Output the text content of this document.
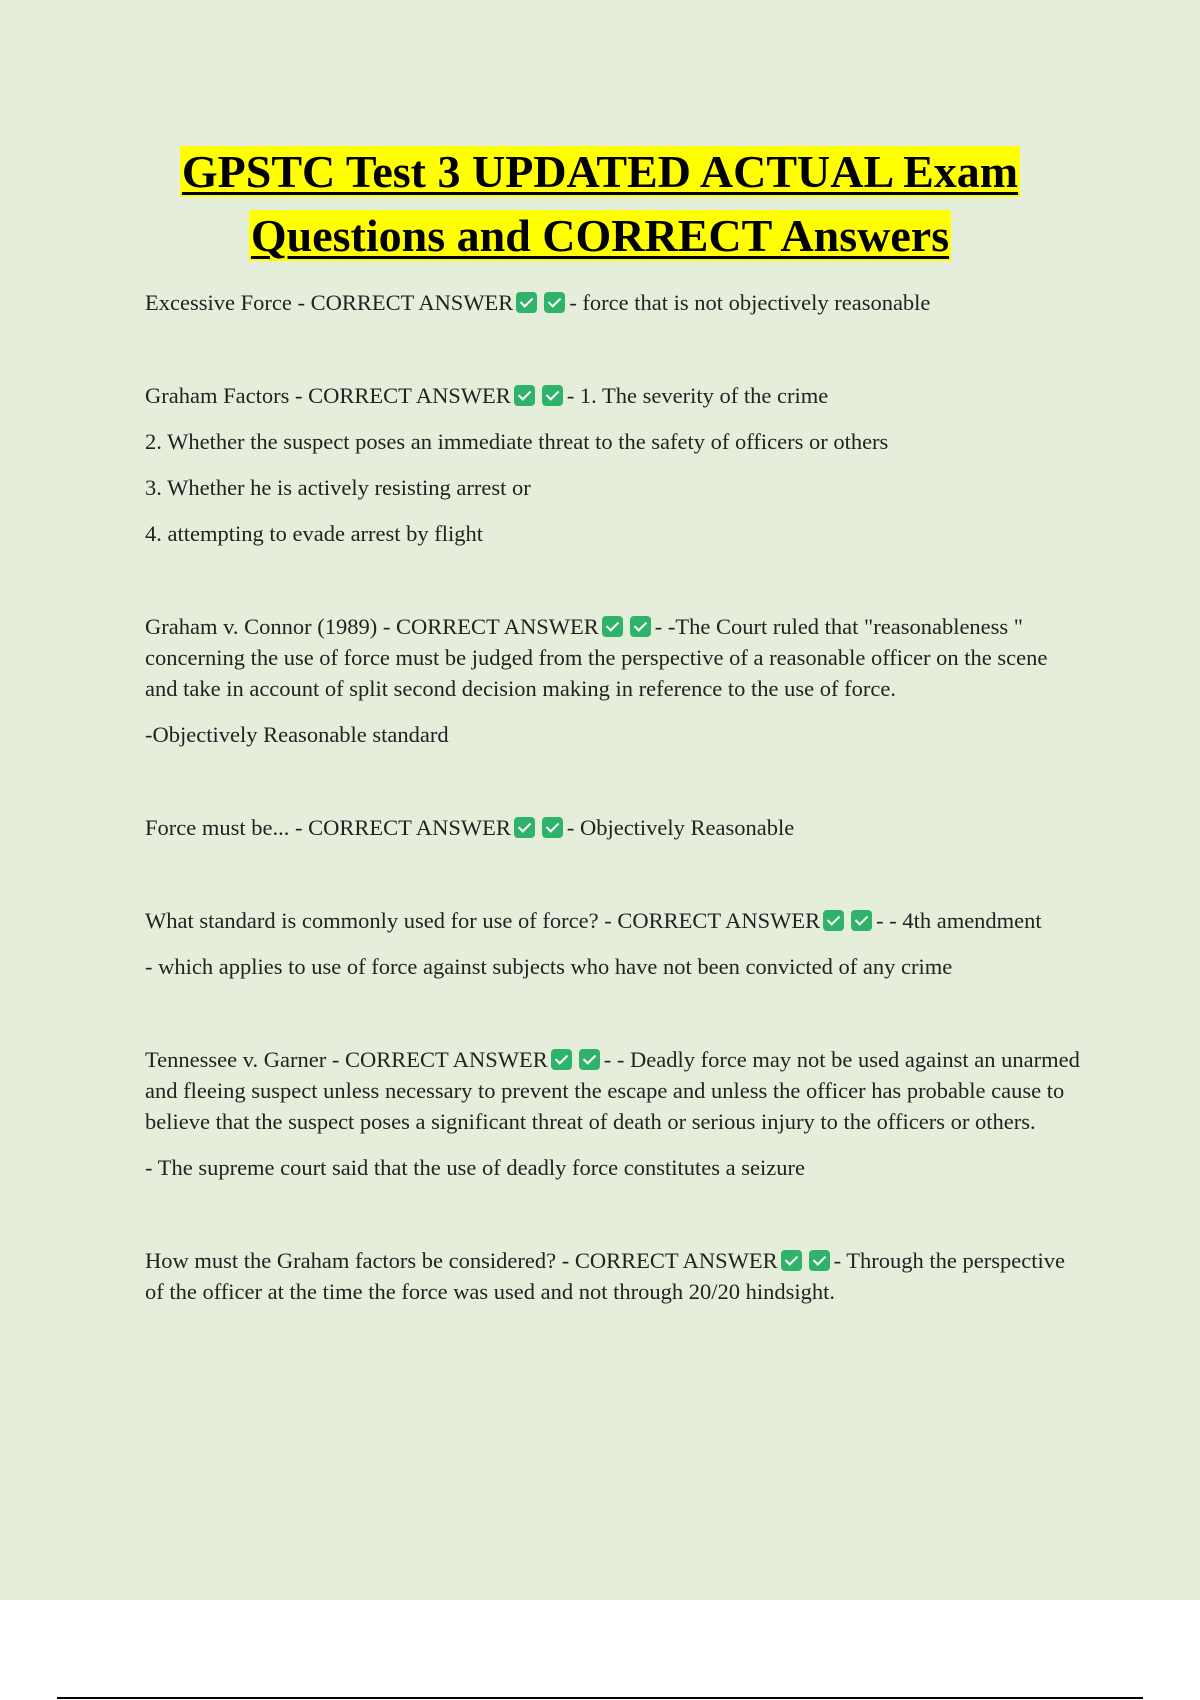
GPSTC Test 3 UPDATED ACTUAL Exam
Questions and CORRECT Answers

Excessive Force - CORRECT ANSWER - force that is not objectively reasonable

Graham Factors - CORRECT ANSWER - 1. The severity of the crime

2. Whether the suspect poses an immediate threat to the safety of officers or others

3. Whether he is actively resisting arrest or

4. attempting to evade arrest by flight

Graham v. Connor (1989) - CORRECT ANSWER - -The Court ruled that "reasonableness " concerning the use of force must be judged from the perspective of a reasonable officer on the scene and take in account of split second decision making in reference to the use of force.

-Objectively Reasonable standard

Force must be... - CORRECT ANSWER - Objectively Reasonable

What standard is commonly used for use of force? - CORRECT ANSWER - - 4th amendment

- which applies to use of force against subjects who have not been convicted of any crime

Tennessee v. Garner - CORRECT ANSWER - - Deadly force may not be used against an unarmed and fleeing suspect unless necessary to prevent the escape and unless the officer has probable cause to believe that the suspect poses a significant threat of death or serious injury to the officers or others.

- The supreme court said that the use of deadly force constitutes a seizure

How must the Graham factors be considered? - CORRECT ANSWER - Through the perspective of the officer at the time the force was used and not through 20/20 hindsight.
